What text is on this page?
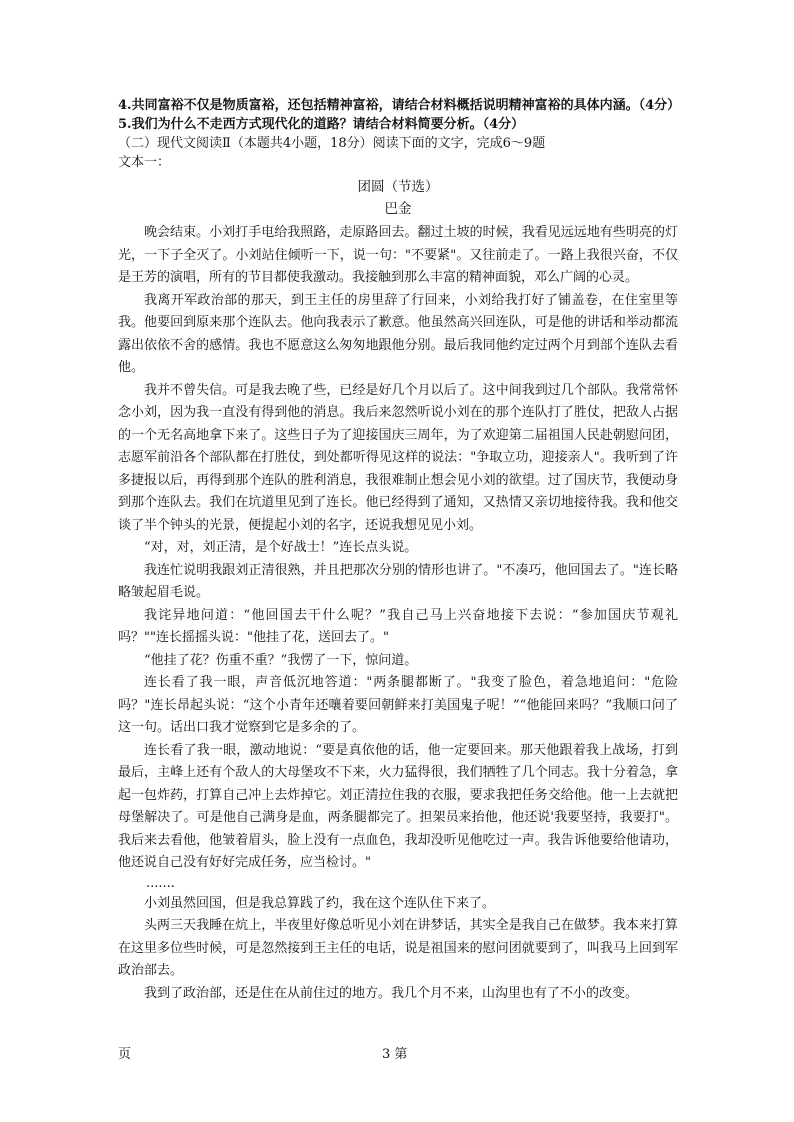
4.共同富裕不仅是物质富裕，还包括精神富裕，请结合材料概括说明精神富裕的具体内涵。（4分）

5.我们为什么不走西方式现代化的道路？请结合材料简要分析。（4分）

（二）现代文阅读Ⅱ（本题共4小题，18分）阅读下面的文字，完成6～9题

文本一：

团圆（节选）

巴金

晚会结束。小刘打手电给我照路，走原路回去。翻过土坡的时候，我看见远远地有些明亮的灯光，一下子全灭了。小刘站住倾听一下，说一句："不要紧"。又往前走了。一路上我很兴奋，不仅是王芳的演唱，所有的节目都使我激动。我接触到那么丰富的精神面貌，邓么广阔的心灵。

我离开军政治部的那天，到王主任的房里辞了行回来，小刘给我打好了铺盖卷，在住室里等我。他要回到原来那个连队去。他向我表示了歉意。他虽然高兴回连队，可是他的讲话和举动都流露出依依不舍的感情。我也不愿意这么匆匆地跟他分别。最后我同他约定过两个月到部个连队去看他。

我并不曾失信。可是我去晚了些，已经是好几个月以后了。这中间我到过几个部队。我常常怀念小刘，因为我一直没有得到他的消息。我后来忽然听说小刘在的那个连队打了胜仗，把敌人占据的一个无名高地拿下来了。这些日子为了迎接国庆三周年，为了欢迎第二届祖国人民赴朝慰问团，志愿军前沿各个部队都在打胜仗，到处都听得见这样的说法："争取立功，迎接亲人"。我听到了许多捷报以后，再得到那个连队的胜利消息，我很难制止想会见小刘的欲望。过了国庆节，我便动身到那个连队去。我们在坑道里见到了连长。他已经得到了通知，又热情又亲切地接待我。我和他交谈了半个钟头的光景，便提起小刘的名字，还说我想见见小刘。

“对，对，刘正清，是个好战士！”连长点头说。

我连忙说明我跟刘正清很熟，并且把那次分别的情形也讲了。"不凑巧，他回国去了。"连长略略皱起眉毛说。

我诧异地问道：“他回国去干什么呢？”我自己马上兴奋地接下去说：“参加国庆节观礼吗？""连长摇摇头说："他挂了花，送回去了。"

“他挂了花？伤重不重？”我愣了一下，惊问道。

连长看了我一眼，声音低沉地答道："两条腿都断了。"我变了脸色，着急地追问："危险吗？"连长昂起头说：“这个小青年还嚷着要回朝鲜来打美国鬼子呢！”“他能回来吗？”我顺口问了这一句。话出口我才觉察到它是多余的了。

连长看了我一眼，激动地说：“要是真依他的话，他一定要回来。那天他跟着我上战场，打到最后，主峰上还有个敌人的大母堡攻不下来，火力猛得很，我们牺牲了几个同志。我十分着急，拿起一包炸药，打算自己冲上去炸掉它。刘正清拉住我的衣服，要求我把任务交给他。他一上去就把母堡解决了。可是他自己满身是血，两条腿都完了。担架员来抬他，他还说'我要坚持，我要打"。我后来去看他，他皱着眉头，脸上没有一点血色，我却没听见他吃过一声。我告诉他要给他请功，他还说自己没有好好完成任务，应当检讨。"

.......

小刘虽然回国，但是我总算践了约，我在这个连队住下来了。

头两三天我睡在炕上，半夜里好像总听见小刘在讲梦话，其实全是我自己在做梦。我本来打算在这里多位些时候，可是忽然接到王主任的电话，说是祖国来的慰问团就要到了，叫我马上回到军政治部去。

我到了政治部，还是住在从前住过的地方。我几个月不来，山沟里也有了不小的改变。

页	3 第
